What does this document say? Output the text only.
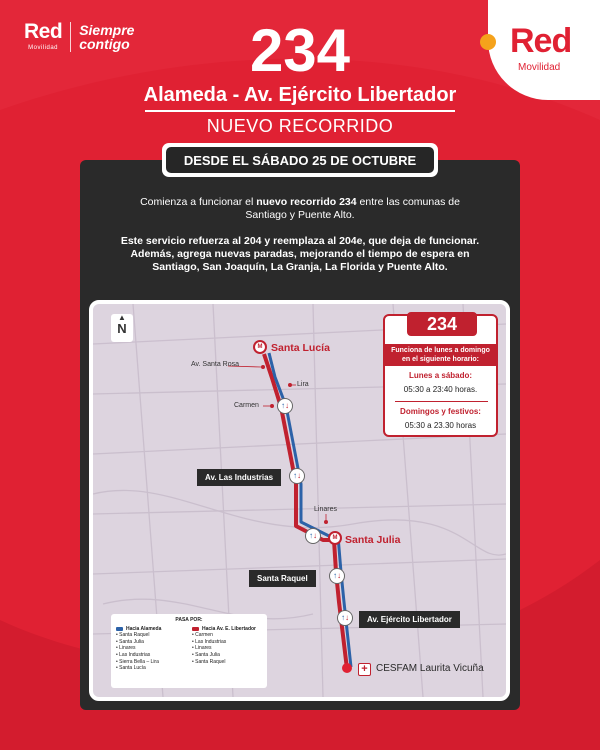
Red
Movilidad
Siempre contigo	Red
Movilidad
234
Alameda - Av. Ejército Libertador
NUEVO RECORRIDO
DESDE EL SÁBADO 25 DE OCTUBRE
Comienza a funcionar el nuevo recorrido 234 entre las comunas de Santiago y Puente Alto.
Este servicio refuerza al 204 y reemplaza al 204e, que deja de funcionar. Además, agrega nuevas paradas, mejorando el tiempo de espera en Santiago, San Joaquín, La Granja, La Florida y Puente Alto.
▲
N
M Santa Lucía
M Santa Julia
Av. Santa Rosa
Lira
Carmen
Linares
↑↓
↑↓
↑↓
↑↓
↑↓
Av. Las Industrias
Santa Raquel
Av. Ejército Libertador
+ CESFAM Laurita Vicuña
234
Funciona de lunes a domingo en el siguiente horario:
Lunes a sábado:
05:30 a 23:40 horas.
Domingos y festivos:
05:30 a 23.30 horas
PASA POR:
Hacia Alameda
• Santa Raquel
• Santa Julia
• Linares
• Las Industrias
• Sierra Bella – Lira
• Santa Lucía
Hacia Av. E. Libertador
• Carmen
• Las Industrias
• Linares
• Santa Julia
• Santa Raquel
